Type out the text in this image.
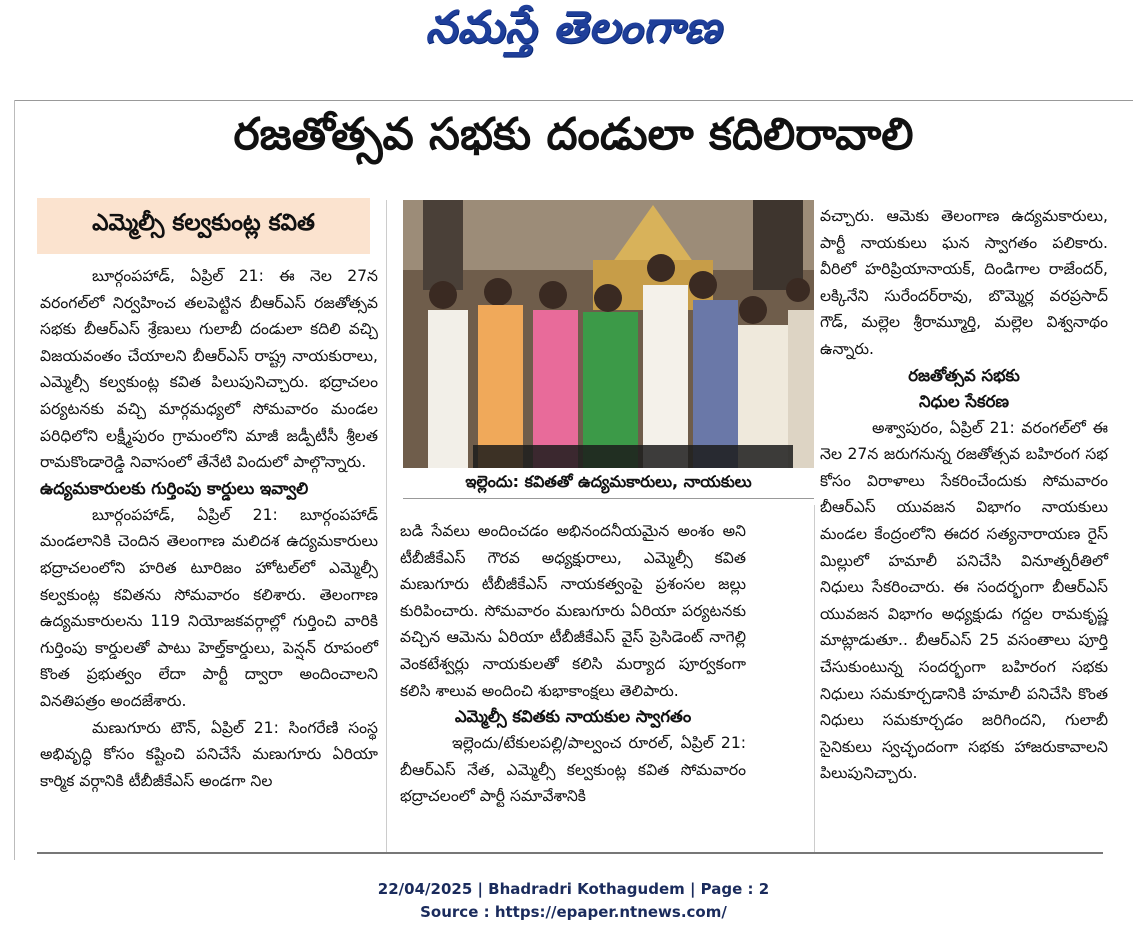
నమస్తే తెలంగాణ
రజతోత్సవ సభకు దండులా కదిలిరావాలి
ఎమ్మెల్సీ కల్వకుంట్ల కవిత

బూర్గంపహాడ్, ఏప్రిల్ 21: ఈ నెల 27న వరంగల్‌లో నిర్వహించ తలపెట్టిన బీఆర్‌ఎస్ రజతోత్సవ సభకు బీఆర్‌ఎస్ శ్రేణులు గులాబీ దండులా కదిలి వచ్చి విజయవంతం చేయాలని బీఆర్‌ఎస్ రాష్ట్ర నాయకురాలు, ఎమ్మెల్సీ కల్వకుంట్ల కవిత పిలుపునిచ్చారు. భద్రాచలం పర్యటనకు వచ్చి మార్గమధ్యలో సోమవారం మండల పరిధిలోని లక్ష్మీపురం గ్రామంలోని మాజీ జడ్పీటీసీ శ్రీలత రామకొండారెడ్డి నివాసంలో తేనేటి విందులో పాల్గొన్నారు.

ఉద్యమకారులకు గుర్తింపు కార్డులు ఇవ్వాలి

బూర్గంపహాడ్, ఏప్రిల్ 21: బూర్గంపహాడ్ మండలానికి చెందిన తెలంగాణ మలిదశ ఉద్యమకారులు భద్రాచలంలోని హరిత టూరిజం హోటల్‌లో ఎమ్మెల్సీ కల్వకుంట్ల కవితను సోమవారం కలిశారు. తెలంగాణ ఉద్యమకారులను 119 నియోజకవర్గాల్లో గుర్తించి వారికి గుర్తింపు కార్డులతో పాటు హెల్త్‌కార్డులు, పెన్షన్ రూపంలో కొంత ప్రభుత్వం లేదా పార్టీ ద్వారా అందించాలని వినతిపత్రం అందజేశారు.

మణుగూరు టౌన్, ఏప్రిల్ 21: సింగరేణి సంస్థ అభివృద్ధి కోసం కష్టించి పనిచేసే మణుగూరు ఏరియా కార్మిక వర్గానికి టీబీజీకేఎస్ అండగా నిల

ఇల్లెందు: కవితతో ఉద్యమకారులు, నాయకులు

బడి సేవలు అందించడం అభినందనీయమైన అంశం అని టీబీజీకేఎస్ గౌరవ అధ్యక్షురాలు, ఎమ్మెల్సీ కవిత మణుగూరు టీబీజీకేఎస్ నాయకత్వంపై ప్రశంసల జల్లు కురిపించారు. సోమవారం మణుగూరు ఏరియా పర్యటనకు వచ్చిన ఆమెను ఏరియా టీబీజీకేఎస్ వైస్ ప్రెసిడెంట్ నాగెల్లి వెంకటేశ్వర్లు నాయకులతో కలిసి మర్యాద పూర్వకంగా కలిసి శాలువ అందించి శుభాకాంక్షలు తెలిపారు.

ఎమ్మెల్సీ కవితకు నాయకుల స్వాగతం

ఇల్లెందు/టేకులపల్లి/పాల్వంచ రూరల్, ఏప్రిల్ 21: బీఆర్‌ఎస్ నేత, ఎమ్మెల్సీ కల్వకుంట్ల కవిత సోమవారం భద్రాచలంలో పార్టీ సమావేశానికి

వచ్చారు. ఆమెకు తెలంగాణ ఉద్యమకారులు, పార్టీ నాయకులు ఘన స్వాగతం పలికారు. వీరిలో హరిప్రియానాయక్, దిండిగాల రాజేందర్, లక్కినేని సురేందర్‌రావు, బొమ్మెర్ల వరప్రసాద్ గౌడ్, మల్లెల శ్రీరామ్మూర్తి, మల్లెల విశ్వనాథం ఉన్నారు.

రజతోత్సవ సభకు

నిధుల సేకరణ

అశ్వాపురం, ఏప్రిల్ 21: వరంగల్‌లో ఈ నెల 27న జరుగనున్న రజతోత్సవ బహిరంగ సభ కోసం విరాళాలు సేకరించేందుకు సోమవారం బీఆర్‌ఎస్ యువజన విభాగం నాయకులు మండల కేంద్రంలోని ఈదర సత్యనారాయణ రైస్ మిల్లులో హమాలీ పనిచేసి వినూత్నరీతిలో నిధులు సేకరించారు. ఈ సందర్భంగా బీఆర్‌ఎస్ యువజన విభాగం అధ్యక్షుడు గద్దల రామకృష్ణ మాట్లాడుతూ.. బీఆర్‌ఎస్ 25 వసంతాలు పూర్తి చేసుకుంటున్న సందర్భంగా బహిరంగ సభకు నిధులు సమకూర్చడానికి హమాలీ పనిచేసి కొంత నిధులు సమకూర్చడం జరిగిందని, గులాబీ సైనికులు స్వచ్ఛందంగా సభకు హాజరుకావాలని పిలుపునిచ్చారు.

22/04/2025 | Bhadradri Kothagudem | Page : 2
Source : https://epaper.ntnews.com/
